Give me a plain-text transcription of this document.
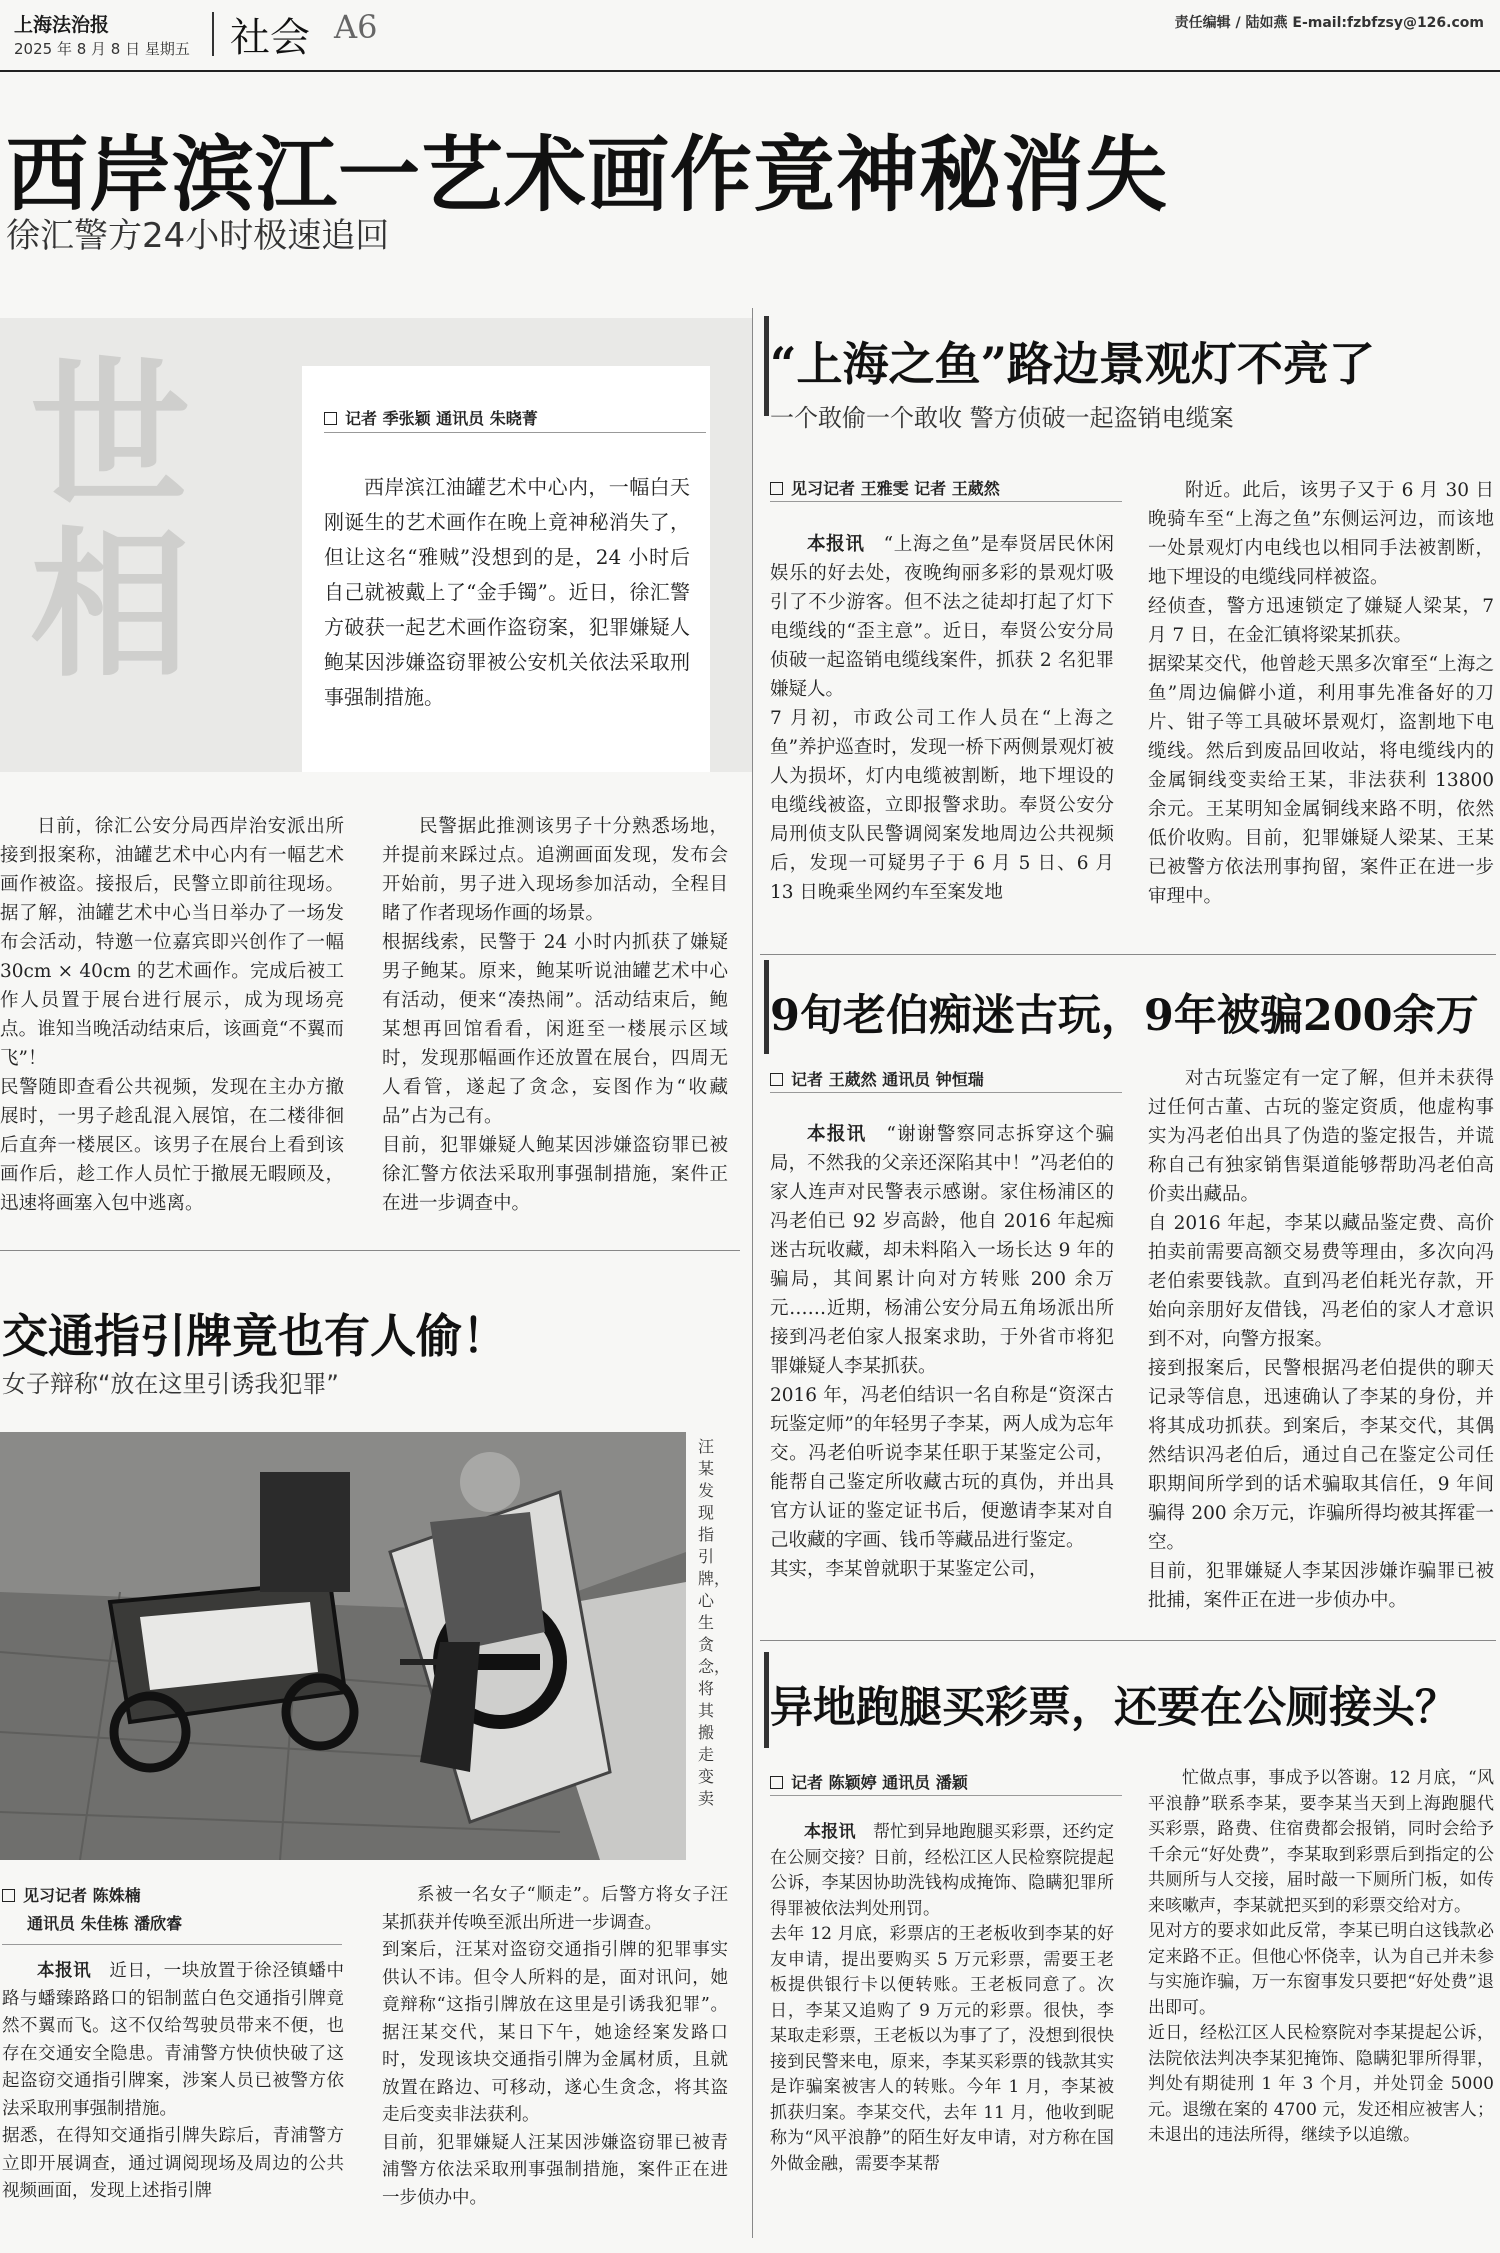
上海法治报
2025 年 8 月 8 日 星期五 社会 A6	责任编辑 / 陆如燕 E-mail:fzbfzsy@126.com
西岸滨江一艺术画作竟神秘消失
徐汇警方24小时极速追回
世相
记者 季张颖 通讯员 朱晓菁
西岸滨江油罐艺术中心内，一幅白天刚诞生的艺术画作在晚上竟神秘消失了，但让这名“雅贼”没想到的是，24 小时后自己就被戴上了“金手镯”。近日，徐汇警方破获一起艺术画作盗窃案，犯罪嫌疑人鲍某因涉嫌盗窃罪被公安机关依法采取刑事强制措施。
日前，徐汇公安分局西岸治安派出所接到报案称，油罐艺术中心内有一幅艺术画作被盗。接报后，民警立即前往现场。据了解，油罐艺术中心当日举办了一场发布会活动，特邀一位嘉宾即兴创作了一幅 30cm × 40cm 的艺术画作。完成后被工作人员置于展台进行展示，成为现场亮点。谁知当晚活动结束后，该画竟“不翼而飞”！
民警随即查看公共视频，发现在主办方撤展时，一男子趁乱混入展馆，在二楼徘徊后直奔一楼展区。该男子在展台上看到该画作后，趁工作人员忙于撤展无暇顾及，迅速将画塞入包中逃离。
民警据此推测该男子十分熟悉场地，并提前来踩过点。追溯画面发现，发布会开始前，男子进入现场参加活动，全程目睹了作者现场作画的场景。
根据线索，民警于 24 小时内抓获了嫌疑男子鲍某。原来，鲍某听说油罐艺术中心有活动，便来“凑热闹”。活动结束后，鲍某想再回馆看看，闲逛至一楼展示区域时，发现那幅画作还放置在展台，四周无人看管，遂起了贪念，妄图作为“收藏品”占为己有。
目前，犯罪嫌疑人鲍某因涉嫌盗窃罪已被徐汇警方依法采取刑事强制措施，案件正在进一步调查中。
“上海之鱼”路边景观灯不亮了
一个敢偷一个敢收 警方侦破一起盗销电缆案
见习记者 王雅雯 记者 王葳然
本报讯　 “上海之鱼”是奉贤居民休闲娱乐的好去处，夜晚绚丽多彩的景观灯吸引了不少游客。但不法之徒却打起了灯下电缆线的“歪主意”。近日，奉贤公安分局侦破一起盗销电缆线案件，抓获 2 名犯罪嫌疑人。
7 月初，市政公司工作人员在“上海之鱼”养护巡查时，发现一桥下两侧景观灯被人为损坏，灯内电缆被割断，地下埋设的电缆线被盗，立即报警求助。奉贤公安分局刑侦支队民警调阅案发地周边公共视频后，发现一可疑男子于 6 月 5 日、6 月 13 日晚乘坐网约车至案发地
附近。此后，该男子又于 6 月 30 日晚骑车至“上海之鱼”东侧运河边，而该地一处景观灯内电线也以相同手法被割断，地下埋设的电缆线同样被盗。
经侦查，警方迅速锁定了嫌疑人梁某，7 月 7 日，在金汇镇将梁某抓获。
据梁某交代，他曾趁天黑多次窜至“上海之鱼”周边偏僻小道，利用事先准备好的刀片、钳子等工具破坏景观灯，盗割地下电缆线。然后到废品回收站，将电缆线内的金属铜线变卖给王某，非法获利 13800 余元。王某明知金属铜线来路不明，依然低价收购。目前，犯罪嫌疑人梁某、王某已被警方依法刑事拘留，案件正在进一步审理中。
9旬老伯痴迷古玩，9年被骗200余万
记者 王葳然 通讯员 钟恒瑞
本报讯　 “谢谢警察同志拆穿这个骗局，不然我的父亲还深陷其中！”冯老伯的家人连声对民警表示感谢。家住杨浦区的冯老伯已 92 岁高龄，他自 2016 年起痴迷古玩收藏，却未料陷入一场长达 9 年的骗局，其间累计向对方转账 200 余万元……近期，杨浦公安分局五角场派出所接到冯老伯家人报案求助，于外省市将犯罪嫌疑人李某抓获。
2016 年，冯老伯结识一名自称是“资深古玩鉴定师”的年轻男子李某，两人成为忘年交。冯老伯听说李某任职于某鉴定公司，能帮自己鉴定所收藏古玩的真伪，并出具官方认证的鉴定证书后，便邀请李某对自己收藏的字画、钱币等藏品进行鉴定。
其实，李某曾就职于某鉴定公司，
对古玩鉴定有一定了解，但并未获得过任何古董、古玩的鉴定资质，他虚构事实为冯老伯出具了伪造的鉴定报告，并谎称自己有独家销售渠道能够帮助冯老伯高价卖出藏品。
自 2016 年起，李某以藏品鉴定费、高价拍卖前需要高额交易费等理由，多次向冯老伯索要钱款。直到冯老伯耗光存款，开始向亲朋好友借钱，冯老伯的家人才意识到不对，向警方报案。
接到报案后，民警根据冯老伯提供的聊天记录等信息，迅速确认了李某的身份，并将其成功抓获。到案后，李某交代，其偶然结识冯老伯后，通过自己在鉴定公司任职期间所学到的话术骗取其信任，9 年间骗得 200 余万元，诈骗所得均被其挥霍一空。
目前，犯罪嫌疑人李某因涉嫌诈骗罪已被批捕，案件正在进一步侦办中。
异地跑腿买彩票，还要在公厕接头？
记者 陈颖婷 通讯员 潘颖
本报讯　 帮忙到异地跑腿买彩票，还约定在公厕交接？日前，经松江区人民检察院提起公诉，李某因协助洗钱构成掩饰、隐瞒犯罪所得罪被依法判处刑罚。
去年 12 月底，彩票店的王老板收到李某的好友申请，提出要购买 5 万元彩票，需要王老板提供银行卡以便转账。王老板同意了。次日，李某又追购了 9 万元的彩票。很快，李某取走彩票，王老板以为事了了，没想到很快接到民警来电，原来，李某买彩票的钱款其实是诈骗案被害人的转账。今年 1 月，李某被抓获归案。李某交代，去年 11 月，他收到昵称为“风平浪静”的陌生好友申请，对方称在国外做金融，需要李某帮
忙做点事，事成予以答谢。12 月底，“风平浪静”联系李某，要李某当天到上海跑腿代买彩票，路费、住宿费都会报销，同时会给予千余元“好处费”，李某取到彩票后到指定的公共厕所与人交接，届时敲一下厕所门板，如传来咳嗽声，李某就把买到的彩票交给对方。
见对方的要求如此反常，李某已明白这钱款必定来路不正。但他心怀侥幸，认为自己并未参与实施诈骗，万一东窗事发只要把“好处费”退出即可。
近日，经松江区人民检察院对李某提起公诉，法院依法判决李某犯掩饰、隐瞒犯罪所得罪，判处有期徒刑 1 年 3 个月，并处罚金 5000 元。退缴在案的 4700 元，发还相应被害人；未退出的违法所得，继续予以追缴。
交通指引牌竟也有人偷！
女子辩称“放在这里引诱我犯罪”
汪某发现指引牌，心生贪念，将其搬走变卖
见习记者 陈姝楠
通讯员 朱佳栋 潘欣睿
本报讯　 近日，一块放置于徐泾镇蟠中路与蟠臻路路口的铝制蓝白色交通指引牌竟然不翼而飞。这不仅给驾驶员带来不便，也存在交通安全隐患。青浦警方快侦快破了这起盗窃交通指引牌案，涉案人员已被警方依法采取刑事强制措施。
据悉，在得知交通指引牌失踪后，青浦警方立即开展调查，通过调阅现场及周边的公共视频画面，发现上述指引牌
系被一名女子“顺走”。后警方将女子汪某抓获并传唤至派出所进一步调查。
到案后，汪某对盗窃交通指引牌的犯罪事实供认不讳。但令人所料的是，面对讯问，她竟辩称“这指引牌放在这里是引诱我犯罪”。据汪某交代，某日下午，她途经案发路口时，发现该块交通指引牌为金属材质，且就放置在路边、可移动，遂心生贪念，将其盗走后变卖非法获利。
目前，犯罪嫌疑人汪某因涉嫌盗窃罪已被青浦警方依法采取刑事强制措施，案件正在进一步侦办中。
